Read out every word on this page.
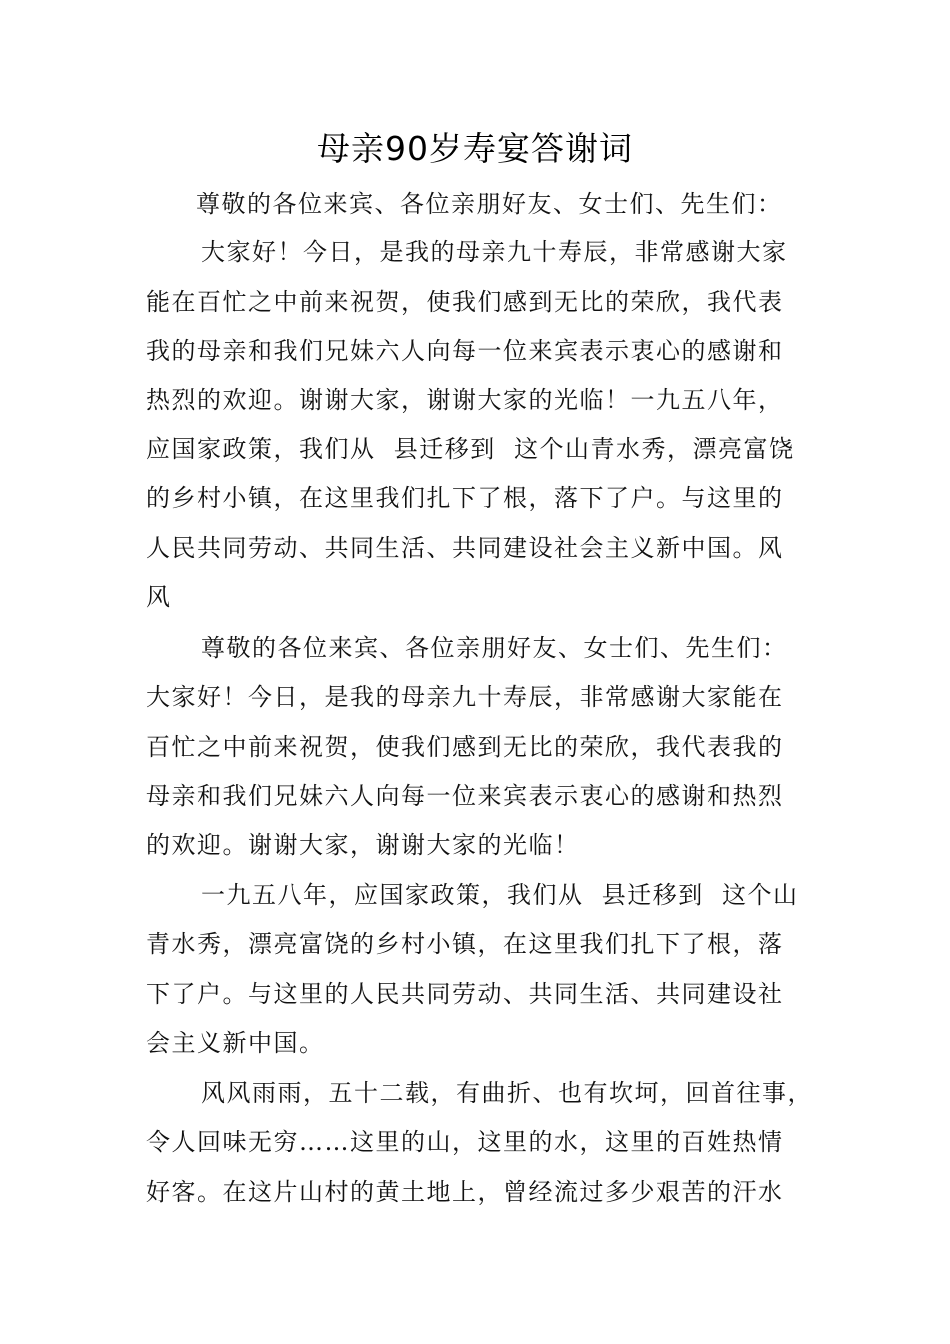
母亲90岁寿宴答谢词
尊敬的各位来宾、各位亲朋好友、女士们、先生们：
大家好！今日，是我的母亲九十寿辰，非常感谢大家
能在百忙之中前来祝贺，使我们感到无比的荣欣，我代表
我的母亲和我们兄妹六人向每一位来宾表示衷心的感谢和
热烈的欢迎。谢谢大家，谢谢大家的光临！一九五八年，
应国家政策，我们从  县迁移到  这个山青水秀，漂亮富饶
的乡村小镇，在这里我们扎下了根，落下了户。与这里的
人民共同劳动、共同生活、共同建设社会主义新中国。风
风
尊敬的各位来宾、各位亲朋好友、女士们、先生们：
大家好！今日，是我的母亲九十寿辰，非常感谢大家能在
百忙之中前来祝贺，使我们感到无比的荣欣，我代表我的
母亲和我们兄妹六人向每一位来宾表示衷心的感谢和热烈
的欢迎。谢谢大家，谢谢大家的光临！
一九五八年，应国家政策，我们从  县迁移到  这个山
青水秀，漂亮富饶的乡村小镇，在这里我们扎下了根，落
下了户。与这里的人民共同劳动、共同生活、共同建设社
会主义新中国。
风风雨雨，五十二载，有曲折、也有坎坷，回首往事，
令人回味无穷……这里的山，这里的水，这里的百姓热情
好客。在这片山村的黄土地上，曾经流过多少艰苦的汗水
